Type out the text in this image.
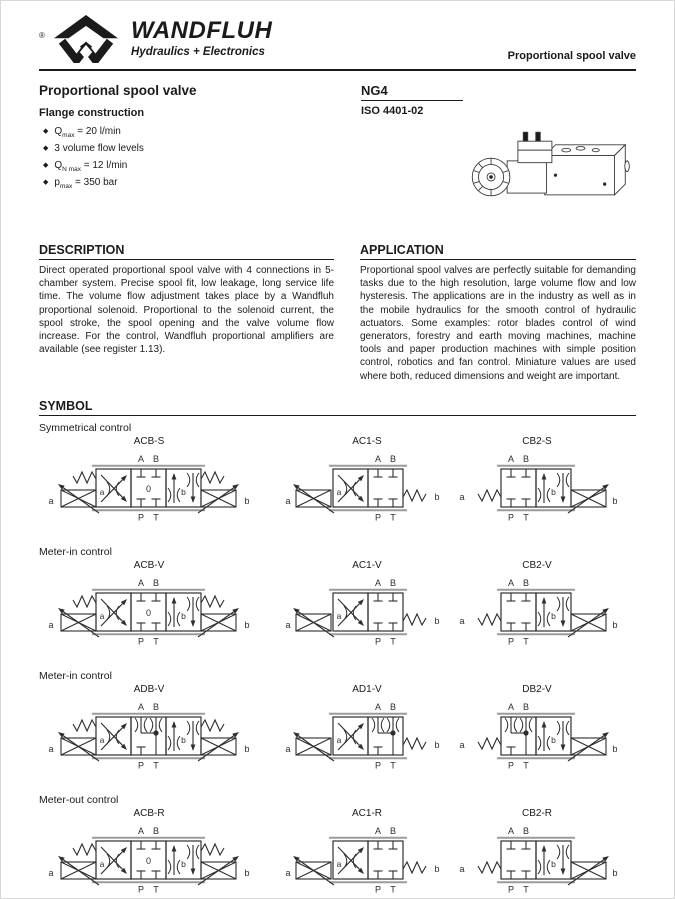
®	WANDFLUH
Hydraulics + Electronics	Proportional spool valve
Proportional spool valve
Flange construction
◆ $Q_{max} = 20$ l/min
◆ 3 volume flow levels
◆ $Q_{N max} = 12$ l/min
◆ $p_{max} = 350$ bar
NG4
ISO 4401-02
DESCRIPTION

Direct operated proportional spool valve with 4 connections in 5-chamber system. Precise spool fit, low leakage, long service life time. The volume flow adjustment takes place by a Wandfluh proportional solenoid. Proportional to the solenoid current, the spool stroke, the spool opening and the valve volume flow increase. For the control, Wandfluh proportional amplifiers are available (see register 1.13).

APPLICATION

Proportional spool valves are perfectly suitable for demanding tasks due to the high resolution, large volume flow and low hysteresis. The applications are in the industry as well as in the mobile hydraulics for the smooth control of hydraulic actuators. Some examples: rotor blades control of wind generators, forestry and earth moving machines, machine tools and paper production machines with simple position control, robotics and fan control. Miniature values are used where both, reduced dimensions and weight are important.

SYMBOL
Symmetrical control
ACB-S
a	0	b
A B
P T
a	b
AC1-S
a
A B
P T
a	b
CB2-S
A B
P T
b
a	b
Meter-in control
ACB-V
a	0	b
A B
P T
a	b
AC1-V
a
A B
P T
a	b
CB2-V
A B
P T
b
a	b
Meter-in control
ADB-V
a	b
A B
P T
a	b
AD1-V
a
A B
P T
a	b
DB2-V
A B
P T
b
a	b
Meter-out control
ACB-R
a	0	b
A B
P T
a	b
AC1-R
a
A B
P T
a	b
CB2-R
A B
P T
b
a	b
